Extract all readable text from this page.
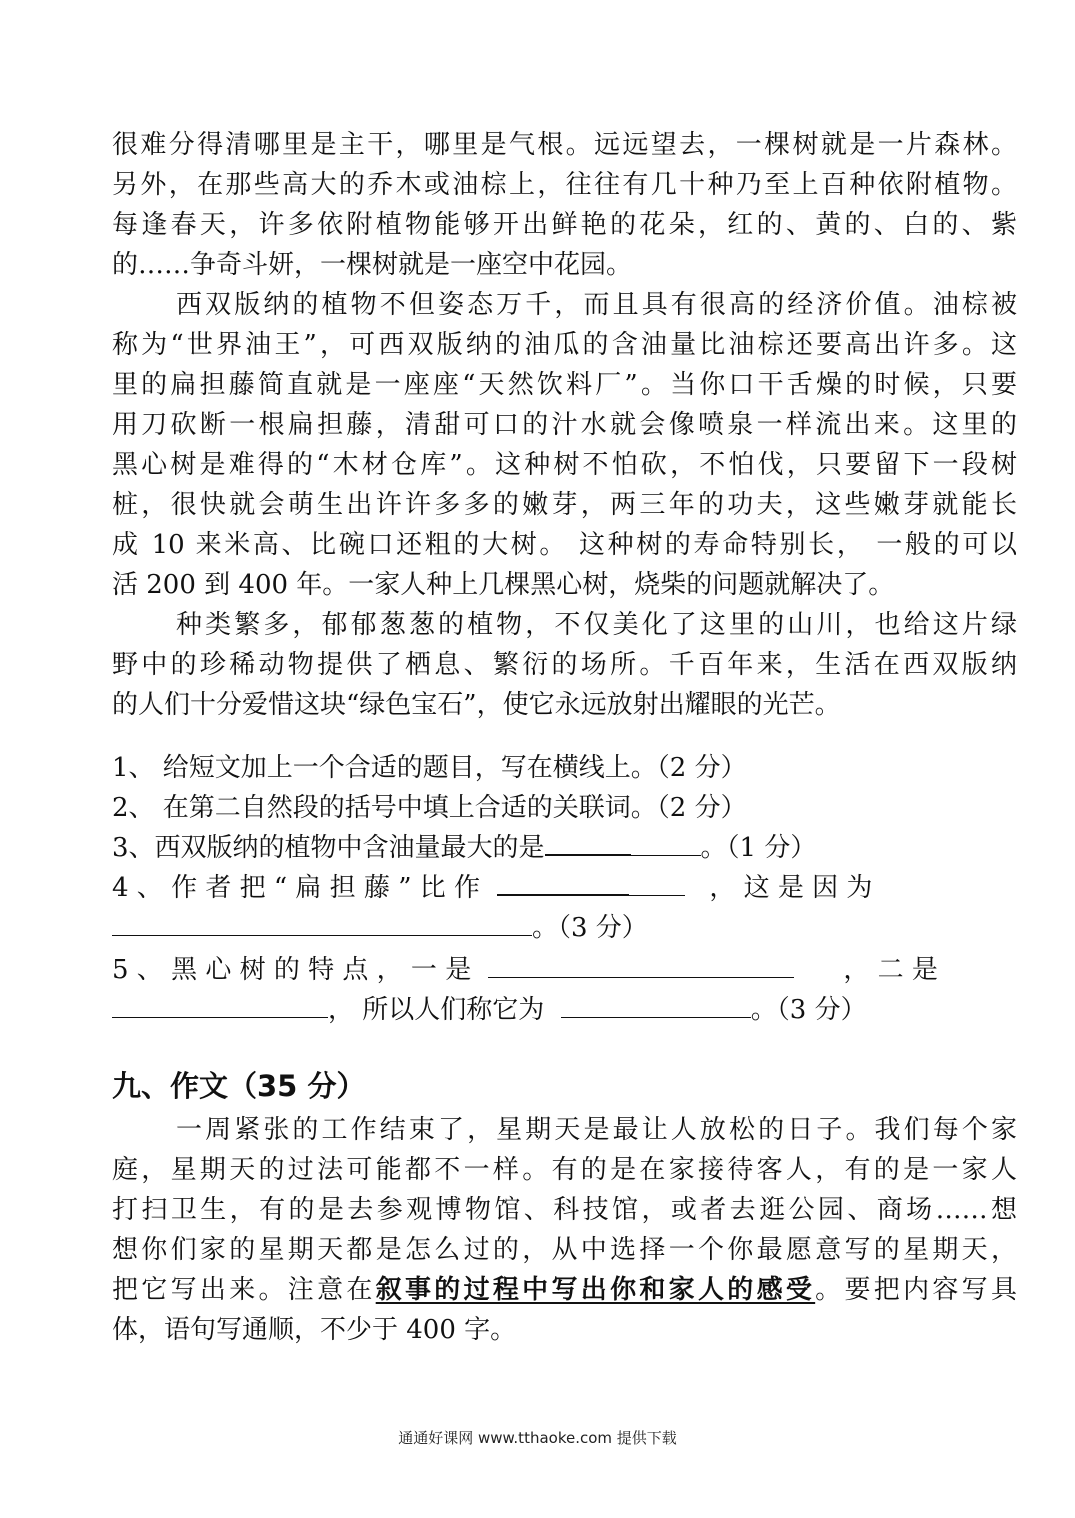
很难分得清哪里是主干，哪里是气根。远远望去，一棵树就是一片森林。
另外，在那些高大的乔木或油棕上，往往有几十种乃至上百种依附植物。
每逢春天，许多依附植物能够开出鲜艳的花朵，红的、黄的、白的、紫
的……争奇斗妍，一棵树就是一座空中花园。
西双版纳的植物不但姿态万千，而且具有很高的经济价值。油棕被
称为“世界油王”，可西双版纳的油瓜的含油量比油棕还要高出许多。这
里的扁担藤简直就是一座座“天然饮料厂”。当你口干舌燥的时候，只要
用刀砍断一根扁担藤，清甜可口的汁水就会像喷泉一样流出来。这里的
黑心树是难得的“木材仓库”。这种树不怕砍，不怕伐，只要留下一段树
桩，很快就会萌生出许许多多的嫩芽，两三年的功夫，这些嫩芽就能长
成 10 来米高、比碗口还粗的大树。 这种树的寿命特别长， 一般的可以
活 200 到 400 年。一家人种上几棵黑心树，烧柴的问题就解决了。
种类繁多，郁郁葱葱的植物，不仅美化了这里的山川，也给这片绿
野中的珍稀动物提供了栖息、繁衍的场所。千百年来，生活在西双版纳
的人们十分爱惜这块“绿色宝石”，使它永远放射出耀眼的光芒。
1、 给短文加上一个合适的题目，写在横线上。（2 分）
2、 在第二自然段的括号中填上合适的关联词。（2 分）
3、西双版纳的植物中含油量最大的是	。（1 分）
4 、 作 者 把 “ 扁 担 藤 ” 比 作	， 这 是 因 为
。（3 分）
5 、 黑 心 树 的 特 点 ， 一 是	， 二 是
， 所以人们称它为	。（3 分）
九、作文（35 分）
一周紧张的工作结束了，星期天是最让人放松的日子。我们每个家
庭，星期天的过法可能都不一样。有的是在家接待客人，有的是一家人
打扫卫生，有的是去参观博物馆、科技馆，或者去逛公园、商场……想
想你们家的星期天都是怎么过的，从中选择一个你最愿意写的星期天，
把它写出来。注意在叙事的过程中写出你和家人的感受。要把内容写具
体，语句写通顺，不少于 400 字。
通通好课网 www.tthaoke.com 提供下载
